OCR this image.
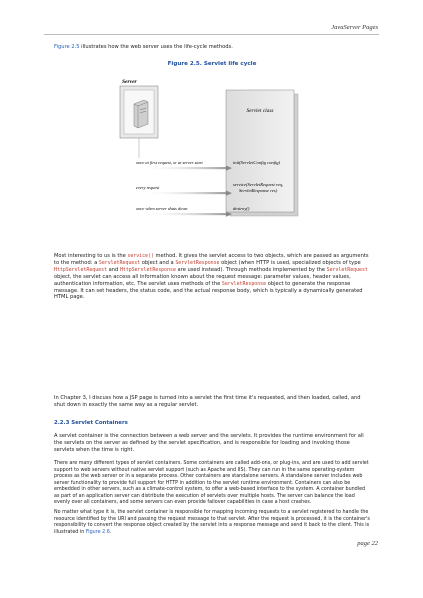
JavaServer Pages
Figure 2.5 illustrates how the web server uses the life-cycle methods.
Figure 2.5. Servlet life cycle
Server
Servlet class
once at first request, or at server start	init(ServletConfig config)
every request
service(ServletRequest req,
ServletResponse res)
once when server shuts down	destroy()
Most interesting to us is the service() method. It gives the servlet access to two objects, which are passed as arguments to the method: a ServletRequest object and a ServletResponse object (when HTTP is used, specialized objects of type HttpServletRequest and HttpServletResponse are used instead). Through methods implemented by the ServletRequest object, the servlet can access all information known about the request message: parameter values, header values, authentication information, etc. The servlet uses methods of the ServletResponse object to generate the response message. It can set headers, the status code, and the actual response body, which is typically a dynamically generated HTML page.
In Chapter 3, I discuss how a JSP page is turned into a servlet the first time it's requested, and then loaded, called, and shut down in exactly the same way as a regular servlet.
2.2.3 Servlet Containers
A servlet container is the connection between a web server and the servlets. It provides the runtime environment for all the servlets on the server as defined by the servlet specification, and is responsible for loading and invoking those servlets when the time is right.
There are many different types of servlet containers. Some containers are called add-ons, or plug-ins, and are used to add servlet support to web servers without native servlet support (such as Apache and IIS). They can run in the same operating-system process as the web server or in a separate process. Other containers are standalone servers. A standalone server includes web server functionality to provide full support for HTTP in addition to the servlet runtime environment. Containers can also be embedded in other servers, such as a climate-control system, to offer a web-based interface to the system. A container bundled as part of an application server can distribute the execution of servlets over multiple hosts. The server can balance the load evenly over all containers, and some servers can even provide failover capabilities in case a host crashes.
No matter what type it is, the servlet container is responsible for mapping incoming requests to a servlet registered to handle the resource identified by the URI and passing the request message to that servlet. After the request is processed, it is the container's responsibility to convert the response object created by the servlet into a response message and send it back to the client. This is illustrated in Figure 2.6.
page 22
